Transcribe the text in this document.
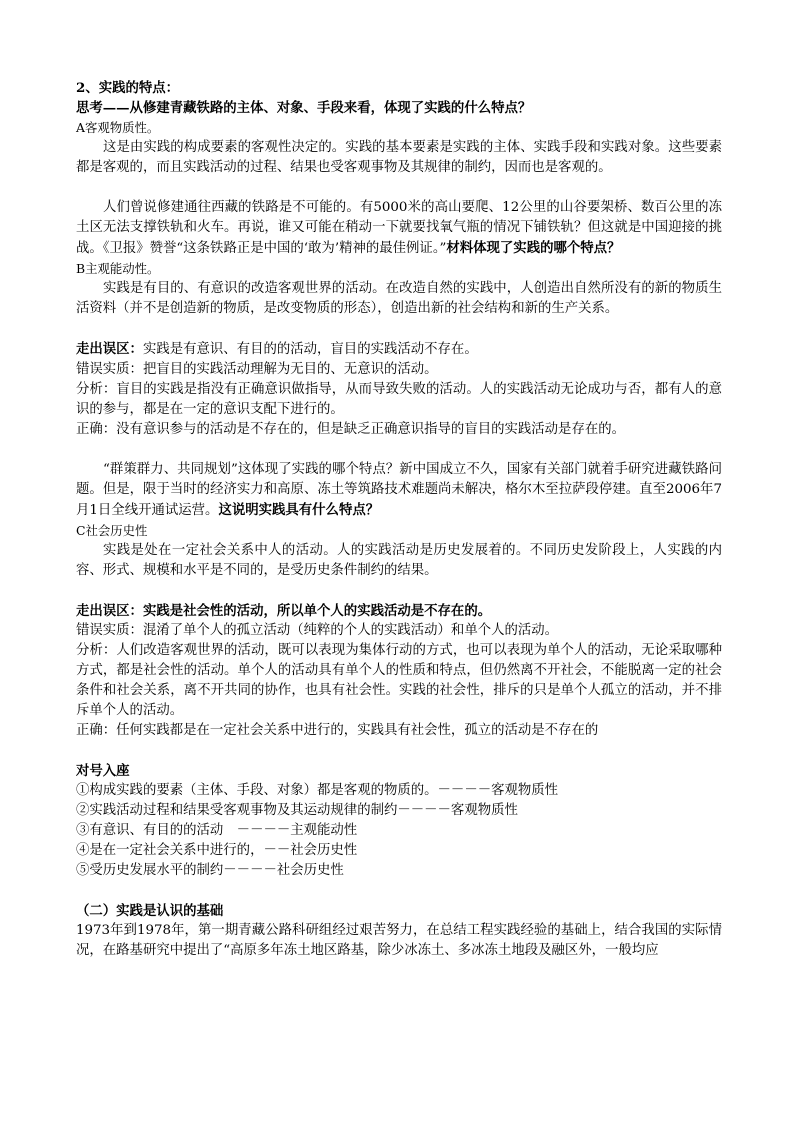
2、实践的特点：

思考——从修建青藏铁路的主体、对象、手段来看，体现了实践的什么特点？

A客观物质性。

这是由实践的构成要素的客观性决定的。实践的基本要素是实践的主体、实践手段和实践对象。这些要素都是客观的，而且实践活动的过程、结果也受客观事物及其规律的制约，因而也是客观的。

人们曾说修建通往西藏的铁路是不可能的。有5000米的高山要爬、12公里的山谷要架桥、数百公里的冻土区无法支撑铁轨和火车。再说，谁又可能在稍动一下就要找氧气瓶的情况下铺铁轨？但这就是中国迎接的挑战。《卫报》赞誉“这条铁路正是中国的‘敢为’精神的最佳例证。”材料体现了实践的哪个特点？

B主观能动性。

实践是有目的、有意识的改造客观世界的活动。在改造自然的实践中，人创造出自然所没有的新的物质生活资料（并不是创造新的物质，是改变物质的形态），创造出新的社会结构和新的生产关系。

走出误区：实践是有意识、有目的的活动，盲目的实践活动不存在。

错误实质：把盲目的实践活动理解为无目的、无意识的活动。

分析：盲目的实践是指没有正确意识做指导，从而导致失败的活动。人的实践活动无论成功与否，都有人的意识的参与，都是在一定的意识支配下进行的。

正确：没有意识参与的活动是不存在的，但是缺乏正确意识指导的盲目的实践活动是存在的。

“群策群力、共同规划”这体现了实践的哪个特点？新中国成立不久，国家有关部门就着手研究进藏铁路问题。但是，限于当时的经济实力和高原、冻土等筑路技术难题尚未解决，格尔木至拉萨段停建。直至2006年7月1日全线开通试运营。这说明实践具有什么特点？

C社会历史性

实践是处在一定社会关系中人的活动。人的实践活动是历史发展着的。不同历史发阶段上，人实践的内容、形式、规模和水平是不同的，是受历史条件制约的结果。

走出误区：实践是社会性的活动，所以单个人的实践活动是不存在的。

错误实质：混淆了单个人的孤立活动（纯粹的个人的实践活动）和单个人的活动。

分析：人们改造客观世界的活动，既可以表现为集体行动的方式，也可以表现为单个人的活动，无论采取哪种方式，都是社会性的活动。单个人的活动具有单个人的性质和特点，但仍然离不开社会，不能脱离一定的社会条件和社会关系，离不开共同的协作，也具有社会性。实践的社会性，排斥的只是单个人孤立的活动，并不排斥单个人的活动。

正确：任何实践都是在一定社会关系中进行的，实践具有社会性，孤立的活动是不存在的

对号入座

①构成实践的要素（主体、手段、对象）都是客观的物质的。－－－－客观物质性

②实践活动过程和结果受客观事物及其运动规律的制约－－－－客观物质性

③有意识、有目的的活动　－－－－主观能动性

④是在一定社会关系中进行的，－－社会历史性

⑤受历史发展水平的制约－－－－社会历史性

（二）实践是认识的基础

1973年到1978年，第一期青藏公路科研组经过艰苦努力，在总结工程实践经验的基础上，结合我国的实际情况，在路基研究中提出了“高原多年冻土地区路基，除少冰冻土、多冰冻土地段及融区外，一般均应
